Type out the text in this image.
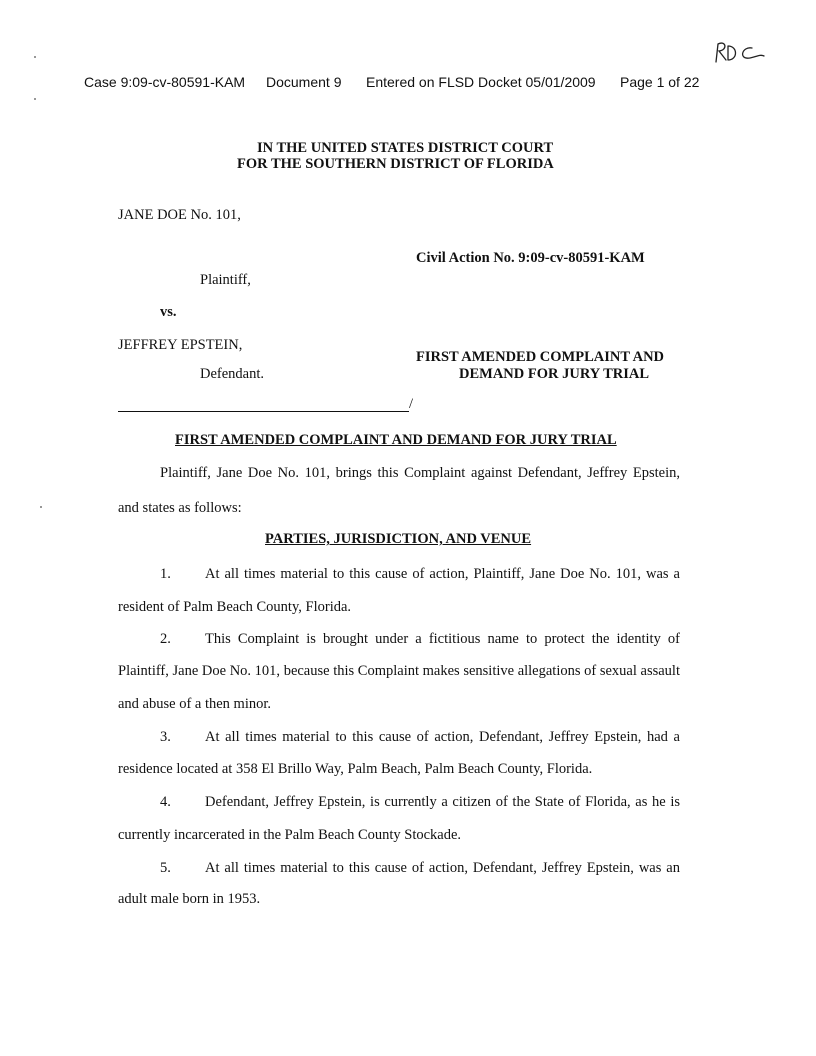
Case 9:09-cv-80591-KAM Document 9 Entered on FLSD Docket 05/01/2009 Page 1 of 22
IN THE UNITED STATES DISTRICT COURT
FOR THE SOUTHERN DISTRICT OF FLORIDA
JANE DOE No. 101,
Civil Action No. 9:09-cv-80591-KAM
Plaintiff,
vs.
JEFFREY EPSTEIN,
FIRST AMENDED COMPLAINT AND
Defendant.	DEMAND FOR JURY TRIAL
/
FIRST AMENDED COMPLAINT AND DEMAND FOR JURY TRIAL
Plaintiff, Jane Doe No. 101, brings this Complaint against Defendant, Jeffrey Epstein,
and states as follows:
PARTIES, JURISDICTION, AND VENUE
1. At all times material to this cause of action, Plaintiff, Jane Doe No. 101, was a
resident of Palm Beach County, Florida.
2. This Complaint is brought under a fictitious name to protect the identity of
Plaintiff, Jane Doe No. 101, because this Complaint makes sensitive allegations of sexual assault
and abuse of a then minor.
3. At all times material to this cause of action, Defendant, Jeffrey Epstein, had a
residence located at 358 El Brillo Way, Palm Beach, Palm Beach County, Florida.
4. Defendant, Jeffrey Epstein, is currently a citizen of the State of Florida, as he is
currently incarcerated in the Palm Beach County Stockade.
5. At all times material to this cause of action, Defendant, Jeffrey Epstein, was an
adult male born in 1953.
